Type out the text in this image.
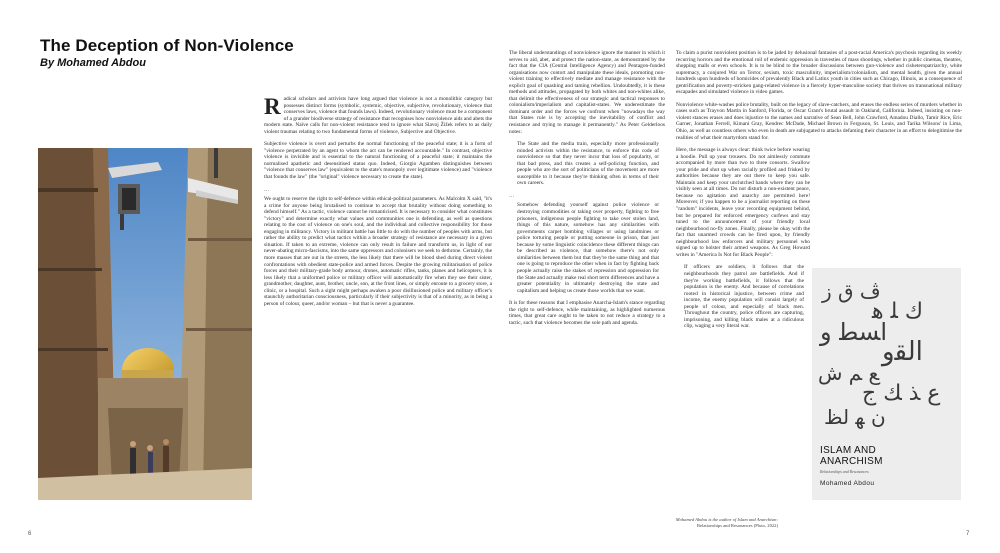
The Deception of Non-Violence

By Mohamed Abdou

Radical scholars and activists have long argued that violence is not a monolithic category but possesses distinct forms (symbolic, systemic, objective, subjective, revolutionary, violence that conserves laws, violence that founds laws). Indeed, revolutionary violence must be a component of a grander biodiverse strategy of resistance that recognises how nonviolence aids and abets the modern state. Naïve calls for non-violent resistance tend to ignore what Slavoj Žižek refers to as daily violent traumas relating to two fundamental forms of violence, Subjective and Objective.

Subjective violence is overt and perturbs the normal functioning of the peaceful state; it is a form of "violence perpetrated by an agent to whom the act can be rendered accountable." In contrast, objective violence is invisible and is essential to the natural functioning of a peaceful state; it maintains the normalised apathetic and desensitised status quo. Indeed, Giorgio Agamben distinguishes between "violence that conserves law" (equivalent to the state's monopoly over legitimate violence) and "violence that founds the law" (the "original" violence necessary to create the state).

…

We ought to reserve the right to self-defence within ethical-political parameters. As Malcolm X said, "it's a crime for anyone being brutalised to continue to accept that brutality without doing something to defend himself." As a tactic, violence cannot be romanticised. It is necessary to consider what constitutes "victory" and determine exactly what values and communities one is defending, as well as questions relating to the cost of violence on one's soul, and the individual and collective responsibility for those engaging in militancy. Victory in militant battle has little to do with the number of peoples with arms, but rather the ability to predict what tactics within a broader strategy of resistance are necessary in a given situation. If taken to an extreme, violence can only result in failure and transform us, in light of our never-abating micro-fascisms, into the same oppressors and colonisers we seek to dethrone. Certainly, the more masses that are out in the streets, the less likely that there will be blood shed during direct violent confrontations with obedient state-police and armed forces. Despite the growing militarisation of police forces and their military-grade body armour, drones, automatic rifles, tanks, planes and helicopters, it is less likely that a uniformed police or military officer will automatically fire when they see their sister, grandmother, daughter, aunt, brother, uncle, son, at the front lines, or simply enroute to a grocery store, a clinic, or a hospital. Such a sight might perhaps awaken a poor disillusioned police and military officer's staunchly authoritarian consciousness, particularly if their subjectivity is that of a minority, as in being a person of colour, queer, and/or woman – but that is never a guarantee.

The liberal understandings of nonviolence ignore the manner in which it serves to aid, abet, and protect the nation-state, as demonstrated by the fact that the CIA (Central Intelligence Agency) and Pentagon-funded organisations now contort and manipulate these ideals, promoting non-violent training to effectively mediate and manage resistance with the explicit goal of quashing and taming rebellion. Undoubtedly, it is these methods and attitudes, propagated by both whites and non-whites alike, that delimit the effectiveness of our strategic and tactical responses to colonialism/imperialism and capitalist-states. We underestimate the dominant order and the forces we confront when "nowadays the way that States rule is by accepting the inevitability of conflict and resistance and trying to manage it permanently." As Peter Gelderloos notes:

The State and the media train, especially more professionally minded activists within the resistance, to enforce this code of nonviolence so that they never incur that loss of popularity, or that bad press, and this creates a self-policing function, and people who are the sort of politicians of the movement are more susceptible to it because they're thinking often in terms of their own careers.

…

Somehow defending yourself against police violence or destroying commodities or taking over property, fighting to free prisoners, indigenous people fighting to take over stolen land, things of this nature, somehow has any similarities with governments carpet bombing villages or using landmines or police torturing people or putting someone in prison, that just because by some linguistic coincidence these different things can be described as violence, that somehow there's not only similarities between them but that they're the same thing and that one is going to reproduce the other when in fact by fighting back people actually raise the stakes of repression and oppression for the State and actually make real short term differences and have a greater potentiality in ultimately destroying the state and capitalism and helping us create those worlds that we want.

It is for these reasons that I emphasise Anarcha-Islam's stance regarding the right to self-defence, while maintaining, as highlighted numerous times, that great care ought to be taken to not reduce a strategy to a tactic, such that violence becomes the sole path and agenda.

To claim a purist nonviolent position is to be jaded by delusional fantasies of a post-racial America's psychosis regarding its weekly recurring horrors and the emotional roil of endemic oppression in travesties of mass shootings, whether in public cinemas, theatres, shopping malls or even schools. It is to be blind to the broader discussions between gun-violence and cisheteropatriarchy, white supremacy, a conjured War on Terror, sexism, toxic masculinity, imperialism/colonialism, and mental health, given the annual hundreds upon hundreds of homicides of prevalently Black and Latinx youth in cities such as Chicago, Illinois, as a consequence of gentrification and poverty-stricken gang-related violence in a fiercely hyper-masculine society that thrives on transnational military escapades and simulated violence in video games.

Nonviolence white-washes police brutality, built on the legacy of slave-catchers, and erases the endless series of murders whether in cases such as Trayvon Martin in Sanford, Florida, or Oscar Grant's brutal assault in Oakland, California. Indeed, insisting on non-violent stances erases and does injustice to the names and narrative of Sean Bell, John Crawford, Amadou Diallo, Tamir Rice, Eric Garner, Jonathan Ferrell, Kimani Gray, Kendrec McDade, Michael Brown in Ferguson, St. Louis, and Tarika Wilsons' in Lima, Ohio, as well as countless others who even in death are subjugated to attacks defaming their character in an effort to delegitimise the realities of what their martyrdom stand for.

Here, the message is always clear: think twice before wearing a hoodie. Pull up your trousers. Do not aimlessly commute accompanied by more than two to three consorts. Swallow your pride and shut up when racially profiled and frisked by authorities because they are out there to keep you safe. Maintain and keep your unclutched hands where they can be visibly seen at all times. Do not disturb a non-existent peace, because no agitation and anarchy are permitted here! Moreover, if you happen to be a journalist reporting on these "random" incidents, leave your recording equipment behind, but be prepared for enforced emergency curfews and stay tuned to the announcement of your friendly local neighbourhood no-fly zones. Finally, please be okay with the fact that unarmed crowds can be fired upon, by friendly neighbourhood law enforcers and military personnel who signed up to holster their armed weapons. As Greg Howard writes in "America Is Not for Black People":

If officers are soldiers, it follows that the neighbourhoods they patrol are battlefields. And if they're working battlefields, it follows that the population is the enemy. And because of correlations rooted in historical injustice, between crime and income, the enemy population will consist largely of people of colour, and especially of black men. Throughout the country, police officers are capturing, imprisoning, and killing black males at a ridiculous clip, waging a very literal war.

ڤ ﻕ ز
ﻙ ﻠ ﻫ
ﺍﺴﻄ ﻭ
ﺍﻟﻘﻭ
ﻊ ﻢ ﺵ
ﻉ ﺬ ﻚ ﺝ
ﻥ ﻬ ﻟﻆ

ISLAM AND
ANARCHISM

Relationships and Resonances

Mohamed Abdou

Mohamed Abdou is the author of Islam and Anarchism:
Relationships and Resonances (Pluto, 2022)
6	7
